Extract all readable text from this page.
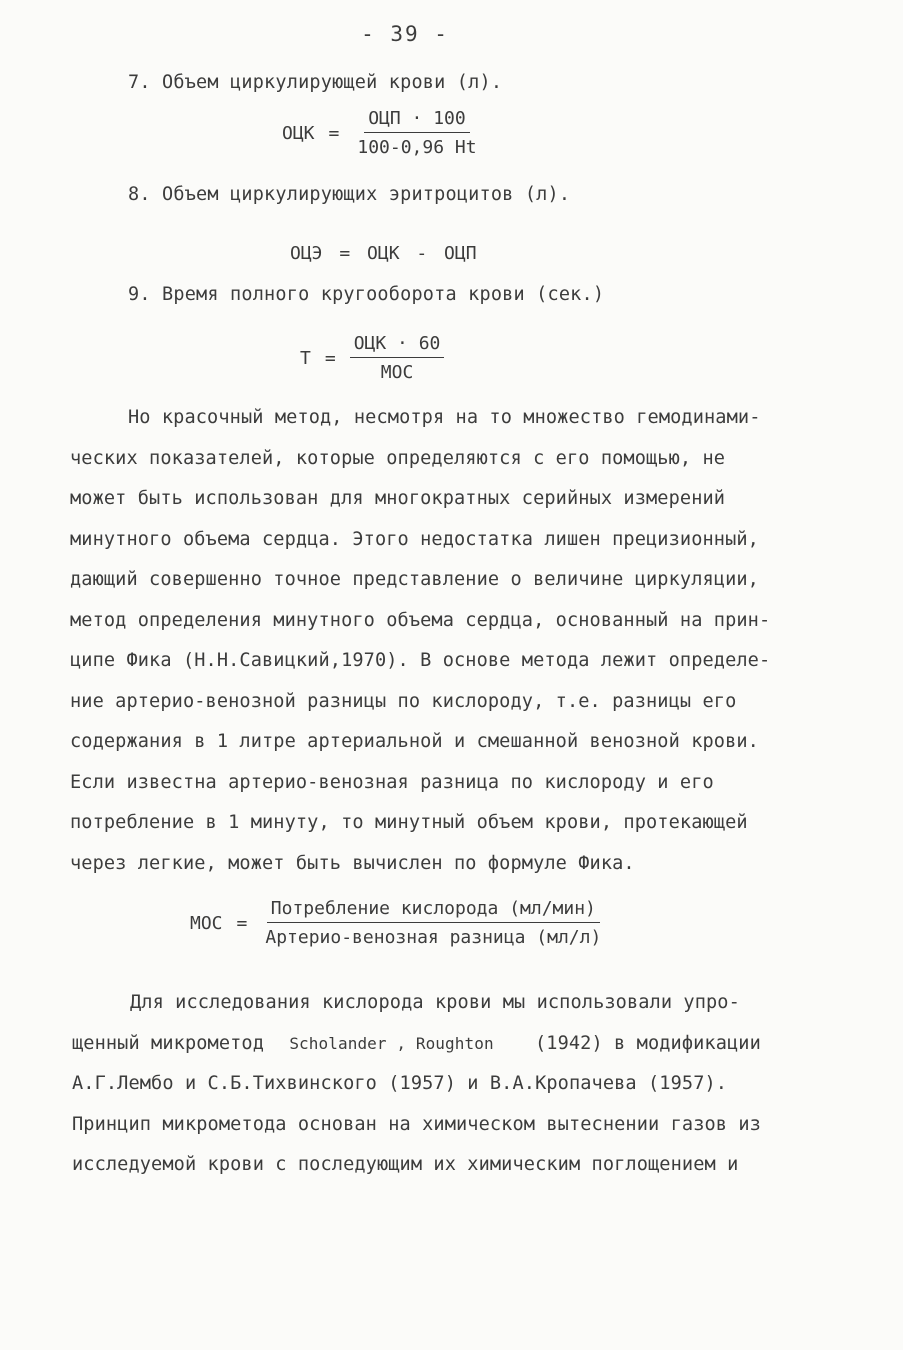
- 39 -
7. Объем циркулирующей крови (л).
ОЦК = $\frac{\text{ОЦП · 100}}{100-0,96 Ht}$
8. Объем циркулирующих эритроцитов (л).
ОЦЭ = ОЦК - ОЦП
9. Время полного кругооборота крови (сек.)
$Т = \frac{\text{ОЦК · 60}}{\text{МОС}}$
Но красочный метод, несмотря на то множество гемодинами-
ческих показателей, которые определяются с его помощью, не
может быть использован для многократных серийных измерений
минутного объема сердца. Этого недостатка лишен прецизионный,
дающий совершенно точное представление о величине циркуляции,
метод определения минутного объема сердца, основанный на прин-
ципе Фика (Н.Н.Савицкий,1970). В основе метода лежит определе-
ние артерио-венозной разницы по кислороду, т.е. разницы его
содержания в 1 литре артериальной и смешанной венозной крови.
Если известна артерио-венозная разница по кислороду и его
потребление в 1 минуту, то минутный объем крови, протекающей
через легкие, может быть вычислен по формуле Фика.
МОС = $\frac{\text{Потребление кислорода (мл/мин)}}{\text{Артерио-венозная разница (мл/л)}}$
Для исследования кислорода крови мы использовали упро-
щенный микрометод Scholander , Roughton (1942) в модификации
А.Г.Лембо и С.Б.Тихвинского (1957) и В.А.Кропачева (1957).
Принцип микрометода основан на химическом вытеснении газов из
исследуемой крови с последующим их химическим поглощением и
